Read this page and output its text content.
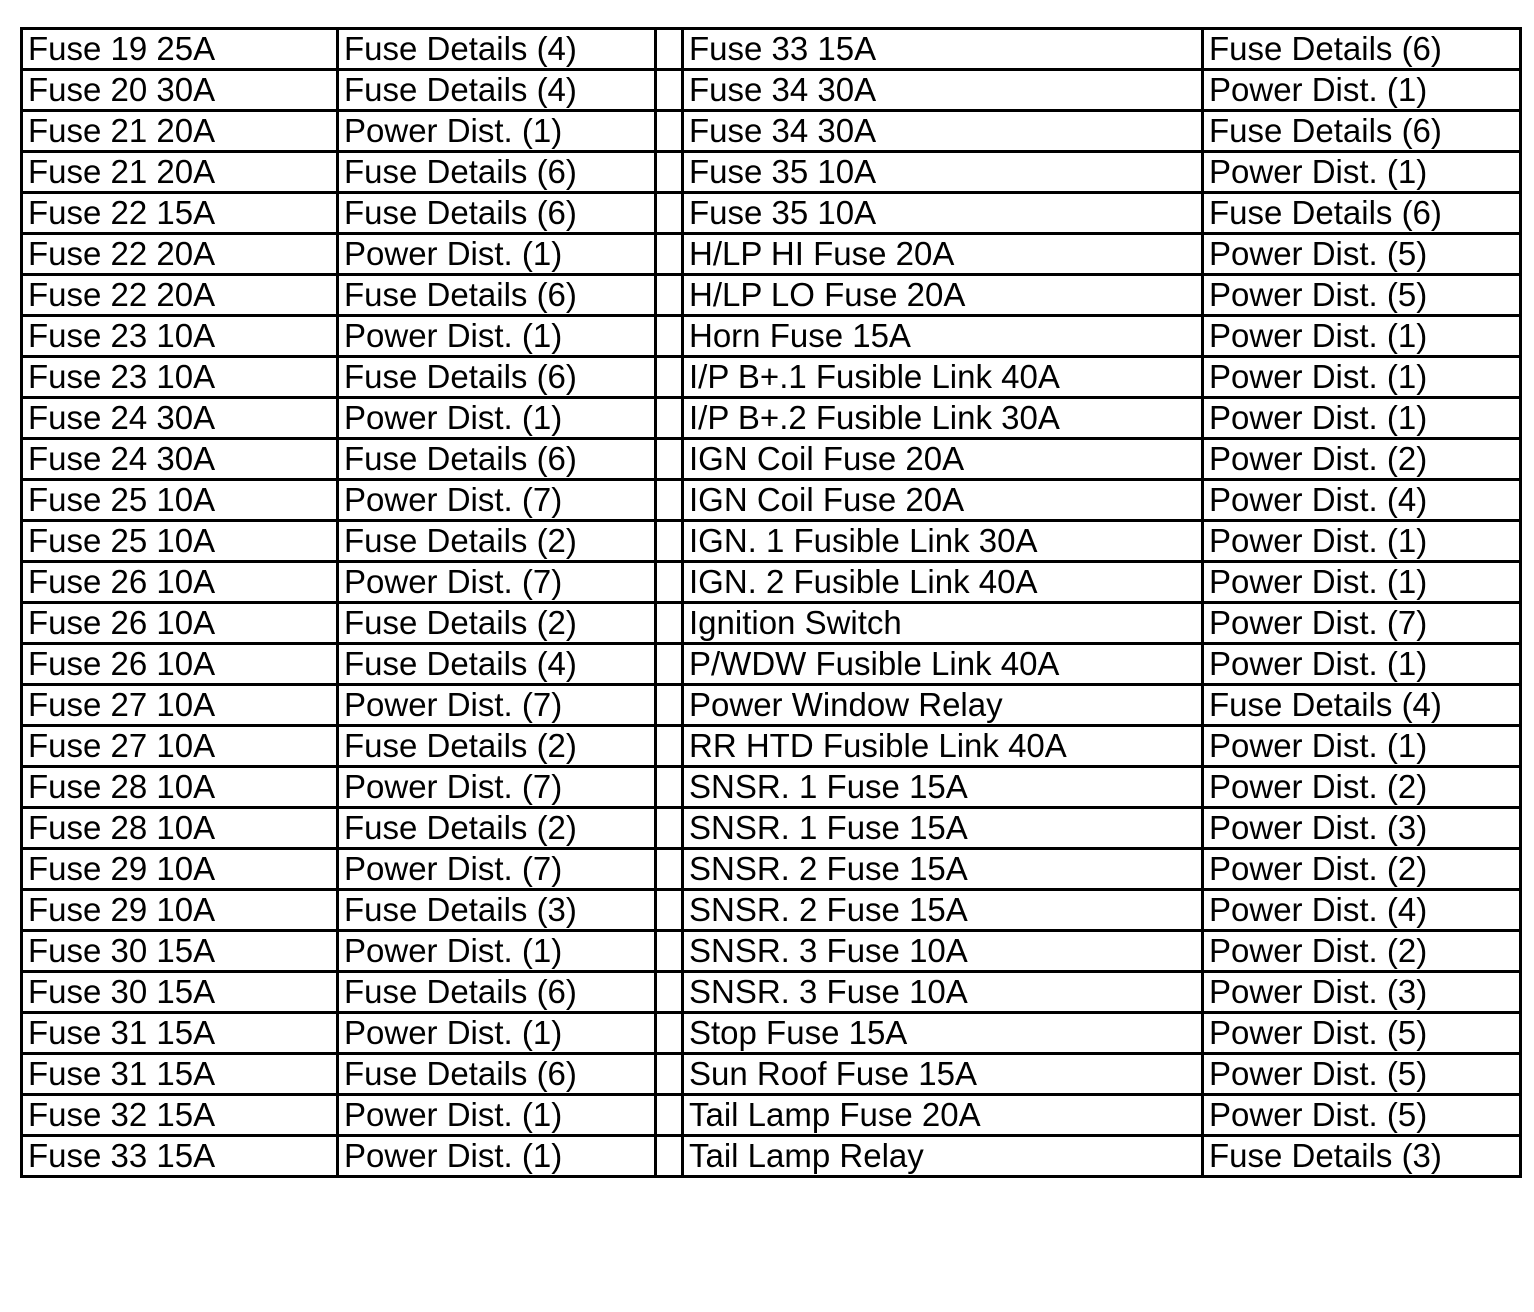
Fuse 19 25A	Fuse Details (4)		Fuse 33 15A	Fuse Details (6)
Fuse 20 30A	Fuse Details (4)		Fuse 34 30A	Power Dist. (1)
Fuse 21 20A	Power Dist. (1)		Fuse 34 30A	Fuse Details (6)
Fuse 21 20A	Fuse Details (6)		Fuse 35 10A	Power Dist. (1)
Fuse 22 15A	Fuse Details (6)		Fuse 35 10A	Fuse Details (6)
Fuse 22 20A	Power Dist. (1)		H/LP HI Fuse 20A	Power Dist. (5)
Fuse 22 20A	Fuse Details (6)		H/LP LO Fuse 20A	Power Dist. (5)
Fuse 23 10A	Power Dist. (1)		Horn Fuse 15A	Power Dist. (1)
Fuse 23 10A	Fuse Details (6)		I/P B+.1 Fusible Link 40A	Power Dist. (1)
Fuse 24 30A	Power Dist. (1)		I/P B+.2 Fusible Link 30A	Power Dist. (1)
Fuse 24 30A	Fuse Details (6)		IGN Coil Fuse 20A	Power Dist. (2)
Fuse 25 10A	Power Dist. (7)		IGN Coil Fuse 20A	Power Dist. (4)
Fuse 25 10A	Fuse Details (2)		IGN. 1 Fusible Link 30A	Power Dist. (1)
Fuse 26 10A	Power Dist. (7)		IGN. 2 Fusible Link 40A	Power Dist. (1)
Fuse 26 10A	Fuse Details (2)		Ignition Switch	Power Dist. (7)
Fuse 26 10A	Fuse Details (4)		P/WDW Fusible Link 40A	Power Dist. (1)
Fuse 27 10A	Power Dist. (7)		Power Window Relay	Fuse Details (4)
Fuse 27 10A	Fuse Details (2)		RR HTD Fusible Link 40A	Power Dist. (1)
Fuse 28 10A	Power Dist. (7)		SNSR. 1 Fuse 15A	Power Dist. (2)
Fuse 28 10A	Fuse Details (2)		SNSR. 1 Fuse 15A	Power Dist. (3)
Fuse 29 10A	Power Dist. (7)		SNSR. 2 Fuse 15A	Power Dist. (2)
Fuse 29 10A	Fuse Details (3)		SNSR. 2 Fuse 15A	Power Dist. (4)
Fuse 30 15A	Power Dist. (1)		SNSR. 3 Fuse 10A	Power Dist. (2)
Fuse 30 15A	Fuse Details (6)		SNSR. 3 Fuse 10A	Power Dist. (3)
Fuse 31 15A	Power Dist. (1)		Stop Fuse 15A	Power Dist. (5)
Fuse 31 15A	Fuse Details (6)		Sun Roof Fuse 15A	Power Dist. (5)
Fuse 32 15A	Power Dist. (1)		Tail Lamp Fuse 20A	Power Dist. (5)
Fuse 33 15A	Power Dist. (1)		Tail Lamp Relay	Fuse Details (3)
